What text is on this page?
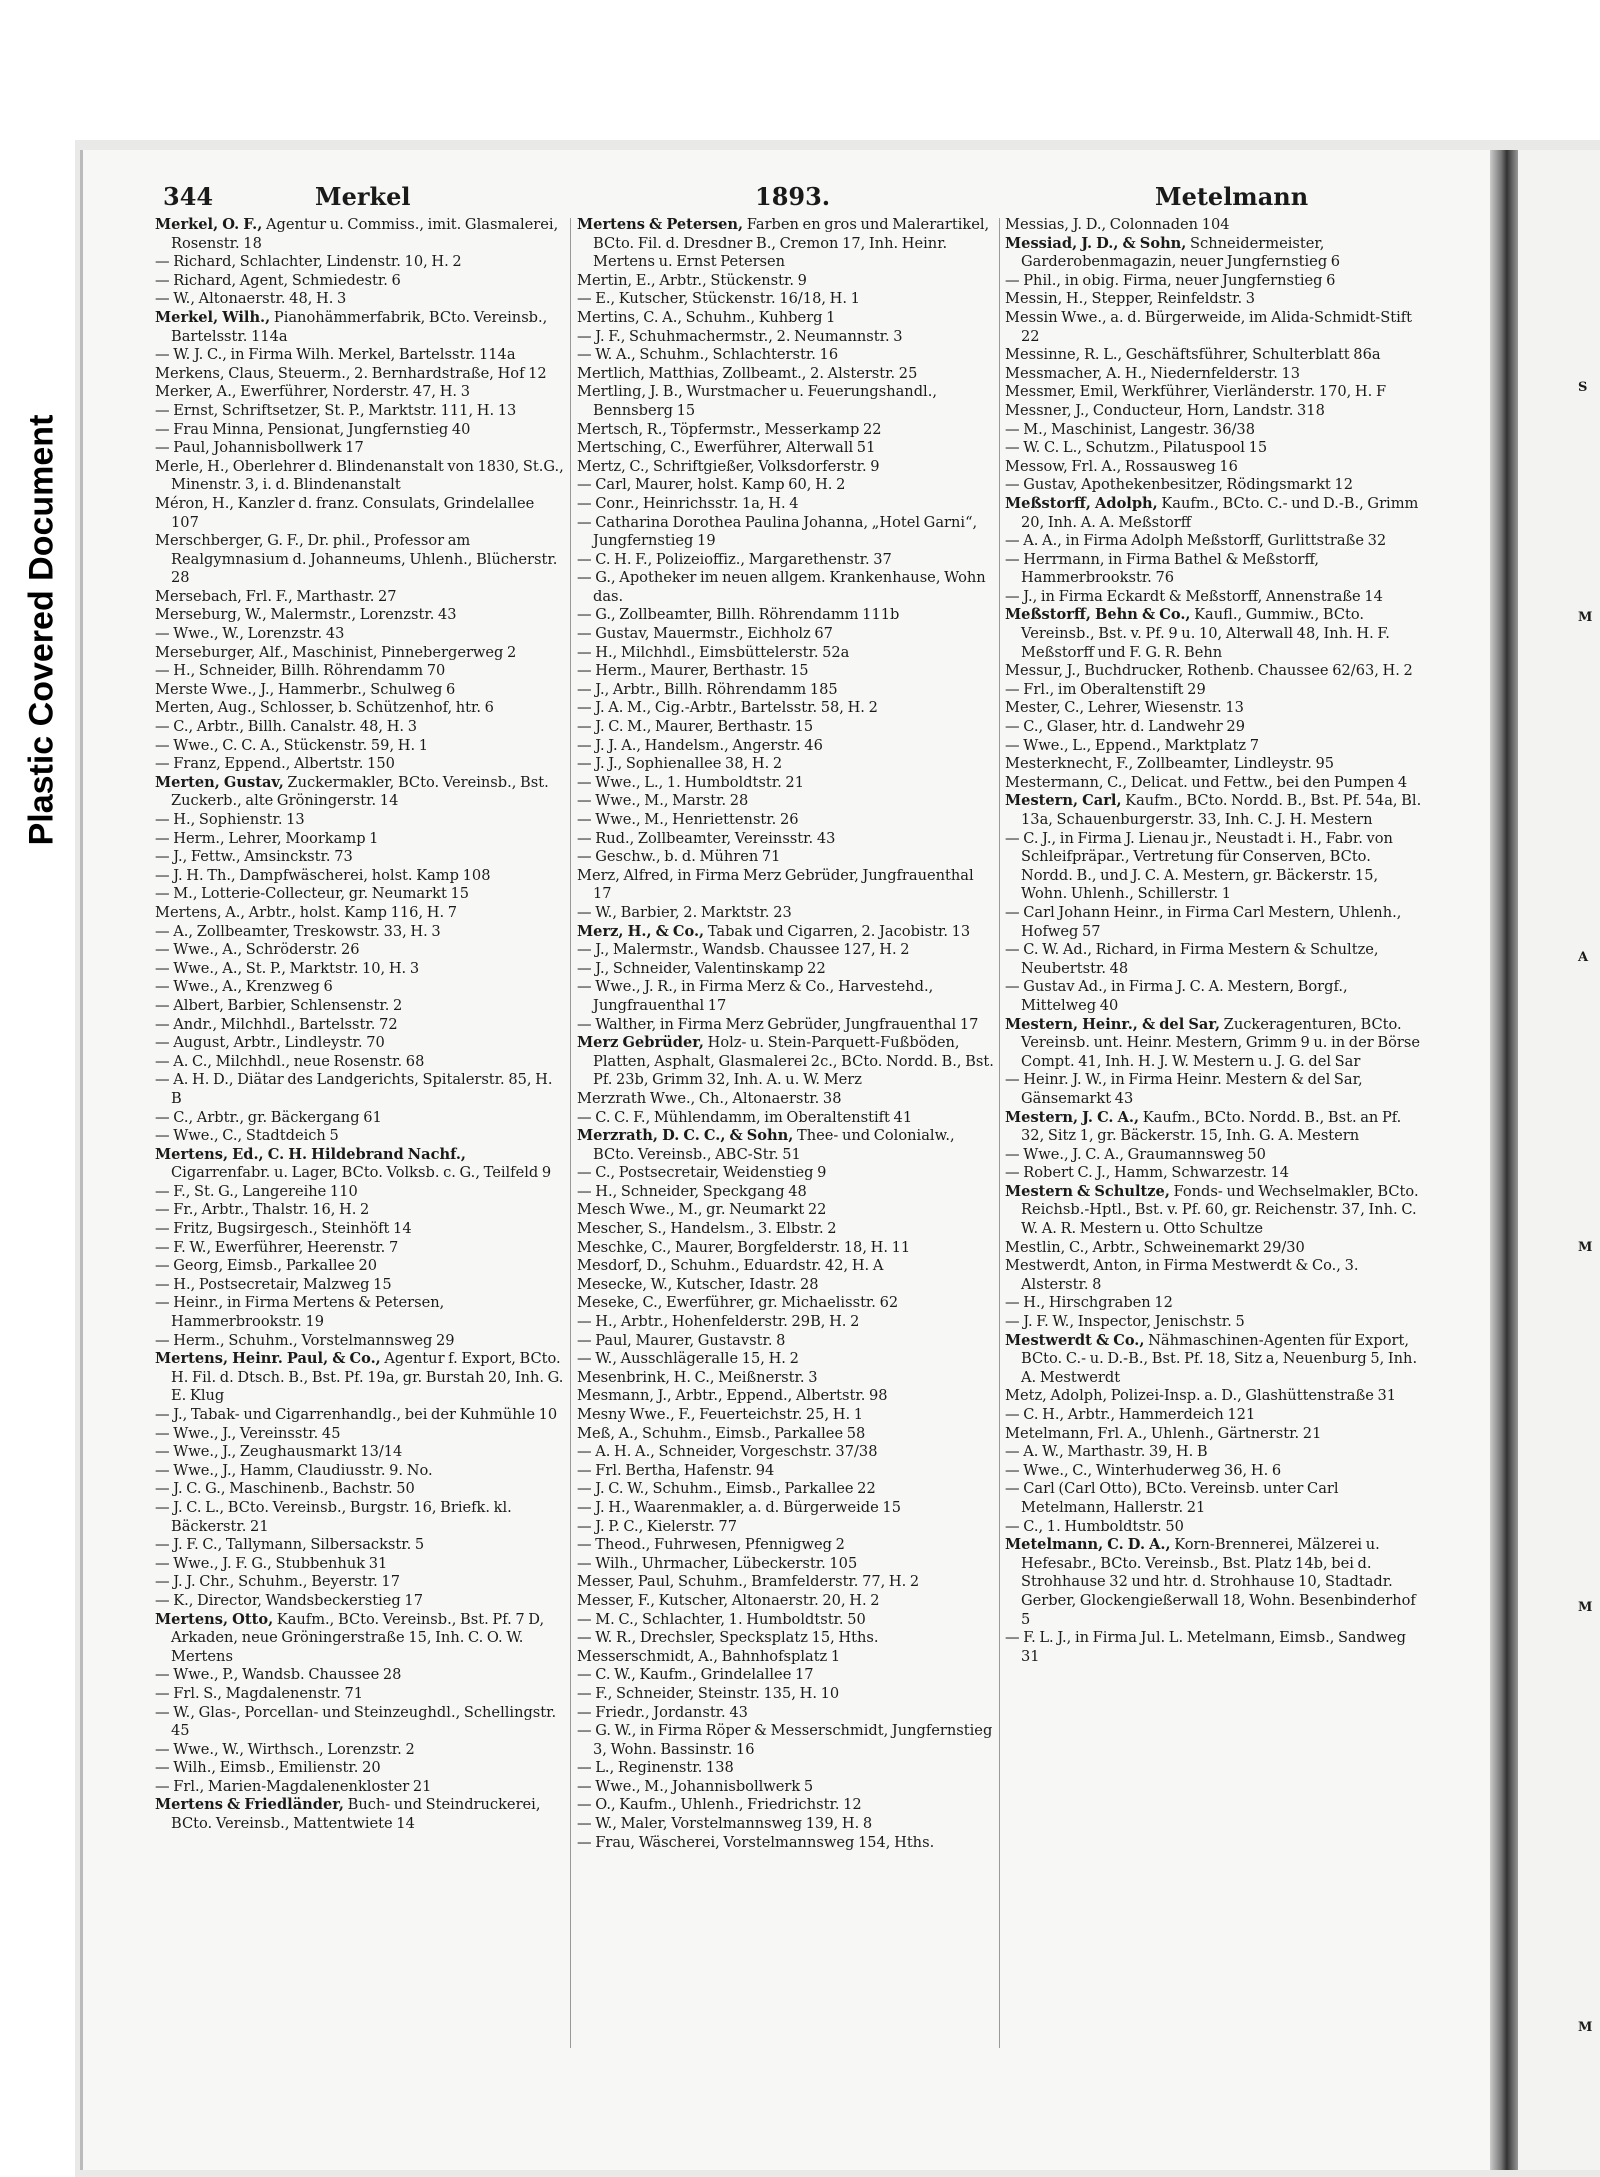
S
M
A
M
M
M
Plastic Covered Document
344	Merkel	1893.	Metelmann

Merkel, O. F., Agentur u. Commiss., imit. Glasmalerei, Rosenstr. 18

— Richard, Schlachter, Lindenstr. 10, H. 2

— Richard, Agent, Schmiedestr. 6

— W., Altonaerstr. 48, H. 3

Merkel, Wilh., Pianohämmerfabrik, BCto. Vereinsb., Bartelsstr. 114a

— W. J. C., in Firma Wilh. Merkel, Bartelsstr. 114a

Merkens, Claus, Steuerm., 2. Bernhardstraße, Hof 12

Merker, A., Ewerführer, Norderstr. 47, H. 3

— Ernst, Schriftsetzer, St. P., Marktstr. 111, H. 13

— Frau Minna, Pensionat, Jungfernstieg 40

— Paul, Johannisbollwerk 17

Merle, H., Oberlehrer d. Blindenanstalt von 1830, St.G., Minenstr. 3, i. d. Blindenanstalt

Méron, H., Kanzler d. franz. Consulats, Grindelallee 107

Merschberger, G. F., Dr. phil., Professor am Realgymnasium d. Johanneums, Uhlenh., Blücherstr. 28

Mersebach, Frl. F., Marthastr. 27

Merseburg, W., Malermstr., Lorenzstr. 43

— Wwe., W., Lorenzstr. 43

Merseburger, Alf., Maschinist, Pinnebergerweg 2

— H., Schneider, Billh. Röhrendamm 70

Merste Wwe., J., Hammerbr., Schulweg 6

Merten, Aug., Schlosser, b. Schützenhof, htr. 6

— C., Arbtr., Billh. Canalstr. 48, H. 3

— Wwe., C. C. A., Stückenstr. 59, H. 1

— Franz, Eppend., Albertstr. 150

Merten, Gustav, Zuckermakler, BCto. Vereinsb., Bst. Zuckerb., alte Gröningerstr. 14

— H., Sophienstr. 13

— Herm., Lehrer, Moorkamp 1

— J., Fettw., Amsinckstr. 73

— J. H. Th., Dampfwäscherei, holst. Kamp 108

— M., Lotterie-Collecteur, gr. Neumarkt 15

Mertens, A., Arbtr., holst. Kamp 116, H. 7

— A., Zollbeamter, Treskowstr. 33, H. 3

— Wwe., A., Schröderstr. 26

— Wwe., A., St. P., Marktstr. 10, H. 3

— Wwe., A., Krenzweg 6

— Albert, Barbier, Schlensenstr. 2

— Andr., Milchhdl., Bartelsstr. 72

— August, Arbtr., Lindleystr. 70

— A. C., Milchhdl., neue Rosenstr. 68

— A. H. D., Diätar des Landgerichts, Spitalerstr. 85, H. B

— C., Arbtr., gr. Bäckergang 61

— Wwe., C., Stadtdeich 5

Mertens, Ed., C. H. Hildebrand Nachf., Cigarrenfabr. u. Lager, BCto. Volksb. c. G., Teilfeld 9

— F., St. G., Langereihe 110

— Fr., Arbtr., Thalstr. 16, H. 2

— Fritz, Bugsirgesch., Steinhöft 14

— F. W., Ewerführer, Heerenstr. 7

— Georg, Eimsb., Parkallee 20

— H., Postsecretair, Malzweg 15

— Heinr., in Firma Mertens & Petersen, Hammerbrookstr. 19

— Herm., Schuhm., Vorstelmannsweg 29

Mertens, Heinr. Paul, & Co., Agentur f. Export, BCto. H. Fil. d. Dtsch. B., Bst. Pf. 19a, gr. Burstah 20, Inh. G. E. Klug

— J., Tabak- und Cigarrenhandlg., bei der Kuhmühle 10

— Wwe., J., Vereinsstr. 45

— Wwe., J., Zeughausmarkt 13/14

— Wwe., J., Hamm, Claudiusstr. 9. No.

— J. C. G., Maschinenb., Bachstr. 50

— J. C. L., BCto. Vereinsb., Burgstr. 16, Briefk. kl. Bäckerstr. 21

— J. F. C., Tallymann, Silbersackstr. 5

— Wwe., J. F. G., Stubbenhuk 31

— J. J. Chr., Schuhm., Beyerstr. 17

— K., Director, Wandsbeckerstieg 17

Mertens, Otto, Kaufm., BCto. Vereinsb., Bst. Pf. 7 D, Arkaden, neue Gröningerstraße 15, Inh. C. O. W. Mertens

— Wwe., P., Wandsb. Chaussee 28

— Frl. S., Magdalenenstr. 71

— W., Glas-, Porcellan- und Steinzeughdl., Schellingstr. 45

— Wwe., W., Wirthsch., Lorenzstr. 2

— Wilh., Eimsb., Emilienstr. 20

— Frl., Marien-Magdalenenkloster 21

Mertens & Friedländer, Buch- und Steindruckerei, BCto. Vereinsb., Mattentwiete 14

Mertens & Petersen, Farben en gros und Malerartikel, BCto. Fil. d. Dresdner B., Cremon 17, Inh. Heinr. Mertens u. Ernst Petersen

Mertin, E., Arbtr., Stückenstr. 9

— E., Kutscher, Stückenstr. 16/18, H. 1

Mertins, C. A., Schuhm., Kuhberg 1

— J. F., Schuhmachermstr., 2. Neumannstr. 3

— W. A., Schuhm., Schlachterstr. 16

Mertlich, Matthias, Zollbeamt., 2. Alsterstr. 25

Mertling, J. B., Wurstmacher u. Feuerungshandl., Bennsberg 15

Mertsch, R., Töpfermstr., Messerkamp 22

Mertsching, C., Ewerführer, Alterwall 51

Mertz, C., Schriftgießer, Volksdorferstr. 9

— Carl, Maurer, holst. Kamp 60, H. 2

— Conr., Heinrichsstr. 1a, H. 4

— Catharina Dorothea Paulina Johanna, „Hotel Garni“, Jungfernstieg 19

— C. H. F., Polizeioffiz., Margarethenstr. 37

— G., Apotheker im neuen allgem. Krankenhause, Wohn das.

— G., Zollbeamter, Billh. Röhrendamm 111b

— Gustav, Mauermstr., Eichholz 67

— H., Milchhdl., Eimsbüttelerstr. 52a

— Herm., Maurer, Berthastr. 15

— J., Arbtr., Billh. Röhrendamm 185

— J. A. M., Cig.-Arbtr., Bartelsstr. 58, H. 2

— J. C. M., Maurer, Berthastr. 15

— J. J. A., Handelsm., Angerstr. 46

— J. J., Sophienallee 38, H. 2

— Wwe., L., 1. Humboldtstr. 21

— Wwe., M., Marstr. 28

— Wwe., M., Henriettenstr. 26

— Rud., Zollbeamter, Vereinsstr. 43

— Geschw., b. d. Mühren 71

Merz, Alfred, in Firma Merz Gebrüder, Jungfrauenthal 17

— W., Barbier, 2. Marktstr. 23

Merz, H., & Co., Tabak und Cigarren, 2. Jacobistr. 13

— J., Malermstr., Wandsb. Chaussee 127, H. 2

— J., Schneider, Valentinskamp 22

— Wwe., J. R., in Firma Merz & Co., Harvestehd., Jungfrauenthal 17

— Walther, in Firma Merz Gebrüder, Jungfrauenthal 17

Merz Gebrüder, Holz- u. Stein-Parquett-Fußböden, Platten, Asphalt, Glasmalerei 2c., BCto. Nordd. B., Bst. Pf. 23b, Grimm 32, Inh. A. u. W. Merz

Merzrath Wwe., Ch., Altonaerstr. 38

— C. C. F., Mühlendamm, im Oberaltenstift 41

Merzrath, D. C. C., & Sohn, Thee- und Colonialw., BCto. Vereinsb., ABC-Str. 51

— C., Postsecretair, Weidenstieg 9

— H., Schneider, Speckgang 48

Mesch Wwe., M., gr. Neumarkt 22

Mescher, S., Handelsm., 3. Elbstr. 2

Meschke, C., Maurer, Borgfelderstr. 18, H. 11

Mesdorf, D., Schuhm., Eduardstr. 42, H. A

Mesecke, W., Kutscher, Idastr. 28

Meseke, C., Ewerführer, gr. Michaelisstr. 62

— H., Arbtr., Hohenfelderstr. 29B, H. 2

— Paul, Maurer, Gustavstr. 8

— W., Ausschlägeralle 15, H. 2

Mesenbrink, H. C., Meißnerstr. 3

Mesmann, J., Arbtr., Eppend., Albertstr. 98

Mesny Wwe., F., Feuerteichstr. 25, H. 1

Meß, A., Schuhm., Eimsb., Parkallee 58

— A. H. A., Schneider, Vorgeschstr. 37/38

— Frl. Bertha, Hafenstr. 94

— J. C. W., Schuhm., Eimsb., Parkallee 22

— J. H., Waarenmakler, a. d. Bürgerweide 15

— J. P. C., Kielerstr. 77

— Theod., Fuhrwesen, Pfennigweg 2

— Wilh., Uhrmacher, Lübeckerstr. 105

Messer, Paul, Schuhm., Bramfelderstr. 77, H. 2

Messer, F., Kutscher, Altonaerstr. 20, H. 2

— M. C., Schlachter, 1. Humboldtstr. 50

— W. R., Drechsler, Specksplatz 15, Hths.

Messerschmidt, A., Bahnhofsplatz 1

— C. W., Kaufm., Grindelallee 17

— F., Schneider, Steinstr. 135, H. 10

— Friedr., Jordanstr. 43

— G. W., in Firma Röper & Messerschmidt, Jungfernstieg 3, Wohn. Bassinstr. 16

— L., Reginenstr. 138

— Wwe., M., Johannisbollwerk 5

— O., Kaufm., Uhlenh., Friedrichstr. 12

— W., Maler, Vorstelmannsweg 139, H. 8

— Frau, Wäscherei, Vorstelmannsweg 154, Hths.

Messias, J. D., Colonnaden 104

Messiad, J. D., & Sohn, Schneidermeister, Garderobenmagazin, neuer Jungfernstieg 6

— Phil., in obig. Firma, neuer Jungfernstieg 6

Messin, H., Stepper, Reinfeldstr. 3

Messin Wwe., a. d. Bürgerweide, im Alida-Schmidt-Stift 22

Messinne, R. L., Geschäftsführer, Schulterblatt 86a

Messmacher, A. H., Niedernfelderstr. 13

Messmer, Emil, Werkführer, Vierländerstr. 170, H. F

Messner, J., Conducteur, Horn, Landstr. 318

— M., Maschinist, Langestr. 36/38

— W. C. L., Schutzm., Pilatuspool 15

Messow, Frl. A., Rossausweg 16

— Gustav, Apothekenbesitzer, Rödingsmarkt 12

Meßstorff, Adolph, Kaufm., BCto. C.- und D.-B., Grimm 20, Inh. A. A. Meßstorff

— A. A., in Firma Adolph Meßstorff, Gurlittstraße 32

— Herrmann, in Firma Bathel & Meßstorff, Hammerbrookstr. 76

— J., in Firma Eckardt & Meßstorff, Annenstraße 14

Meßstorff, Behn & Co., Kaufl., Gummiw., BCto. Vereinsb., Bst. v. Pf. 9 u. 10, Alterwall 48, Inh. H. F. Meßstorff und F. G. R. Behn

Messur, J., Buchdrucker, Rothenb. Chaussee 62/63, H. 2

— Frl., im Oberaltenstift 29

Mester, C., Lehrer, Wiesenstr. 13

— C., Glaser, htr. d. Landwehr 29

— Wwe., L., Eppend., Marktplatz 7

Mesterknecht, F., Zollbeamter, Lindleystr. 95

Mestermann, C., Delicat. und Fettw., bei den Pumpen 4

Mestern, Carl, Kaufm., BCto. Nordd. B., Bst. Pf. 54a, Bl. 13a, Schauenburgerstr. 33, Inh. C. J. H. Mestern

— C. J., in Firma J. Lienau jr., Neustadt i. H., Fabr. von Schleifpräpar., Vertretung für Conserven, BCto. Nordd. B., und J. C. A. Mestern, gr. Bäckerstr. 15, Wohn. Uhlenh., Schillerstr. 1

— Carl Johann Heinr., in Firma Carl Mestern, Uhlenh., Hofweg 57

— C. W. Ad., Richard, in Firma Mestern & Schultze, Neubertstr. 48

— Gustav Ad., in Firma J. C. A. Mestern, Borgf., Mittelweg 40

Mestern, Heinr., & del Sar, Zuckeragenturen, BCto. Vereinsb. unt. Heinr. Mestern, Grimm 9 u. in der Börse Compt. 41, Inh. H. J. W. Mestern u. J. G. del Sar

— Heinr. J. W., in Firma Heinr. Mestern & del Sar, Gänsemarkt 43

Mestern, J. C. A., Kaufm., BCto. Nordd. B., Bst. an Pf. 32, Sitz 1, gr. Bäckerstr. 15, Inh. G. A. Mestern

— Wwe., J. C. A., Graumannsweg 50

— Robert C. J., Hamm, Schwarzestr. 14

Mestern & Schultze, Fonds- und Wechselmakler, BCto. Reichsb.-Hptl., Bst. v. Pf. 60, gr. Reichenstr. 37, Inh. C. W. A. R. Mestern u. Otto Schultze

Mestlin, C., Arbtr., Schweinemarkt 29/30

Mestwerdt, Anton, in Firma Mestwerdt & Co., 3. Alsterstr. 8

— H., Hirschgraben 12

— J. F. W., Inspector, Jenischstr. 5

Mestwerdt & Co., Nähmaschinen-Agenten für Export, BCto. C.- u. D.-B., Bst. Pf. 18, Sitz a, Neuenburg 5, Inh. A. Mestwerdt

Metz, Adolph, Polizei-Insp. a. D., Glashüttenstraße 31

— C. H., Arbtr., Hammerdeich 121

Metelmann, Frl. A., Uhlenh., Gärtnerstr. 21

— A. W., Marthastr. 39, H. B

— Wwe., C., Winterhuderweg 36, H. 6

— Carl (Carl Otto), BCto. Vereinsb. unter Carl Metelmann, Hallerstr. 21

— C., 1. Humboldtstr. 50

Metelmann, C. D. A., Korn-Brennerei, Mälzerei u. Hefesabr., BCto. Vereinsb., Bst. Platz 14b, bei d. Strohhause 32 und htr. d. Strohhause 10, Stadtadr. Gerber, Glockengießerwall 18, Wohn. Besenbinderhof 5

— F. L. J., in Firma Jul. L. Metelmann, Eimsb., Sandweg 31
